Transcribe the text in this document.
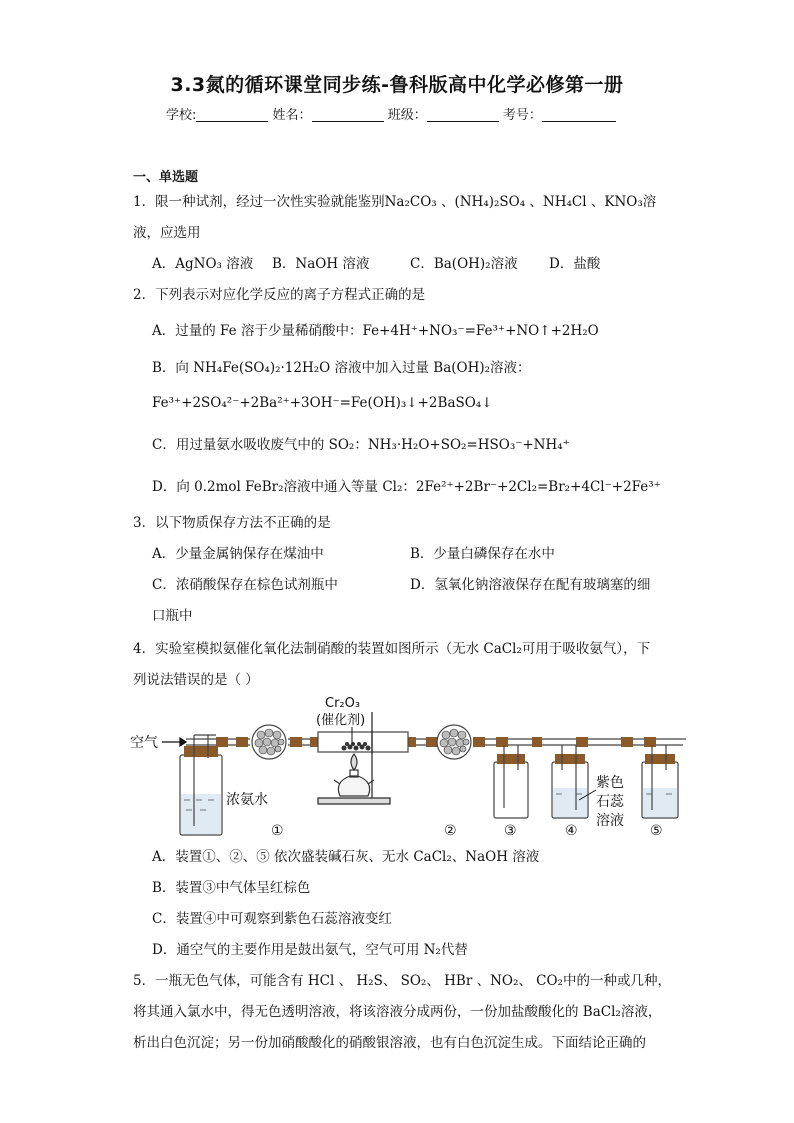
3.3氮的循环课堂同步练-鲁科版高中化学必修第一册
学校:	姓名：	班级：	考号：
一、单选题
1．限一种试剂，经过一次性实验就能鉴别Na₂CO₃ 、(NH₄)₂SO₄ 、NH₄Cl 、KNO₃溶
液，应选用
A．AgNO₃ 溶液 B．NaOH 溶液	C．Ba(OH)₂溶液 D．盐酸
2．下列表示对应化学反应的离子方程式正确的是
A．过量的 Fe 溶于少量稀硝酸中：Fe+4H⁺+NO₃⁻=Fe³⁺+NO↑+2H₂O
B．向 NH₄Fe(SO₄)₂·12H₂O 溶液中加入过量 Ba(OH)₂溶液：
Fe³⁺+2SO₄²⁻+2Ba²⁺+3OH⁻=Fe(OH)₃↓+2BaSO₄↓
C．用过量氨水吸收废气中的 SO₂：NH₃·H₂O+SO₂=HSO₃⁻+NH₄⁺
D．向 0.2mol FeBr₂溶液中通入等量 Cl₂：2Fe²⁺+2Br⁻+2Cl₂=Br₂+4Cl⁻+2Fe³⁺
3．以下物质保存方法不正确的是
A．少量金属钠保存在煤油中	B．少量白磷保存在水中
C．浓硝酸保存在棕色试剂瓶中	D．氢氧化钠溶液保存在配有玻璃塞的细
口瓶中
4．实验室模拟氨催化氧化法制硝酸的装置如图所示（无水 CaCl₂可用于吸收氨气），下
列说法错误的是（ ）
空气
浓氨水
Cr₂O₃
(催化剂)
紫色
石蕊
溶液
①	②	③	④	⑤
A．装置①、②、⑤ 依次盛装碱石灰、无水 CaCl₂、NaOH 溶液
B．装置③中气体呈红棕色
C．装置④中可观察到紫色石蕊溶液变红
D．通空气的主要作用是鼓出氨气，空气可用 N₂代替
5．一瓶无色气体，可能含有 HCl 、 H₂S、 SO₂、 HBr 、NO₂、 CO₂中的一种或几种，
将其通入氯水中，得无色透明溶液，将该溶液分成两份，一份加盐酸酸化的 BaCl₂溶液，
析出白色沉淀；另一份加硝酸酸化的硝酸银溶液，也有白色沉淀生成。下面结论正确的
